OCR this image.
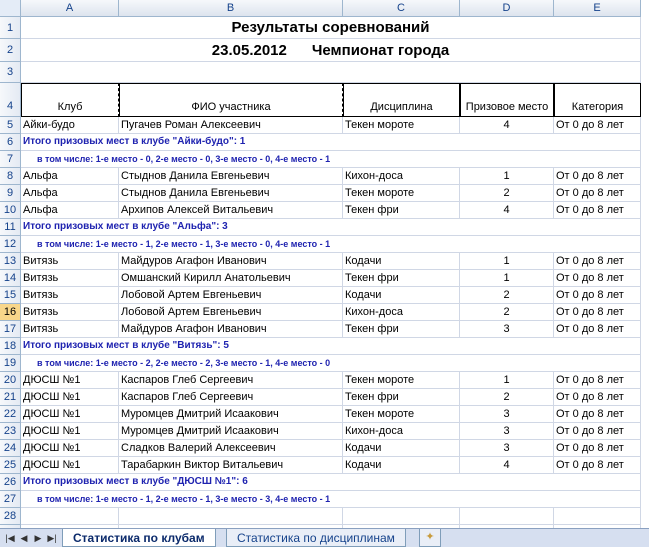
A	B	C	D	E
1
2
3
4
Результаты соревнований
23.05.2012 Чемпионат города
Клуб	ФИО участника	Дисциплина	Призовое место	Категория
5 Айки-будо	Пугачев Роман Алексеевич	Текен мороте	4	От 0 до 8 лет
6 Итого призовых мест в клубе "Айки-будо": 1
7	в том числе: 1-е место - 0, 2-е место - 0, 3-е место - 0, 4-е место - 1
8 Альфа	Стыднов Данила Евгеньевич	Кихон-доса	1	От 0 до 8 лет
9 Альфа	Стыднов Данила Евгеньевич	Текен мороте	2	От 0 до 8 лет
10 Альфа	Архипов Алексей Витальевич	Текен фри	4	От 0 до 8 лет
11 Итого призовых мест в клубе "Альфа": 3
12	в том числе: 1-е место - 1, 2-е место - 1, 3-е место - 0, 4-е место - 1
13 Витязь	Майдуров Агафон Иванович	Кодачи	1	От 0 до 8 лет
14 Витязь	Омшанский Кирилл Анатольевич	Текен фри	1	От 0 до 8 лет
15 Витязь	Лобовой Артем Евгеньевич	Кодачи	2	От 0 до 8 лет
16 Витязь	Лобовой Артем Евгеньевич	Кихон-доса	2	От 0 до 8 лет
17 Витязь	Майдуров Агафон Иванович	Текен фри	3	От 0 до 8 лет
18 Итого призовых мест в клубе "Витязь": 5
19	в том числе: 1-е место - 2, 2-е место - 2, 3-е место - 1, 4-е место - 0
20 ДЮСШ №1	Каспаров Глеб Сергеевич	Текен мороте	1	От 0 до 8 лет
21 ДЮСШ №1	Каспаров Глеб Сергеевич	Текен фри	2	От 0 до 8 лет
22 ДЮСШ №1	Муромцев Дмитрий Исаакович	Текен мороте	3	От 0 до 8 лет
23 ДЮСШ №1	Муромцев Дмитрий Исаакович	Кихон-доса	3	От 0 до 8 лет
24 ДЮСШ №1	Сладков Валерий Алексеевич	Кодачи	3	От 0 до 8 лет
25 ДЮСШ №1	Тарабаркин Виктор Витальевич	Кодачи	4	От 0 до 8 лет
26 Итого призовых мест в клубе "ДЮСШ №1": 6
27	в том числе: 1-е место - 1, 2-е место - 1, 3-е место - 3, 4-е место - 1
28
|◀ ◀ ▶ ▶|	Статистика по клубам	Статистика по дисциплинам	✦
